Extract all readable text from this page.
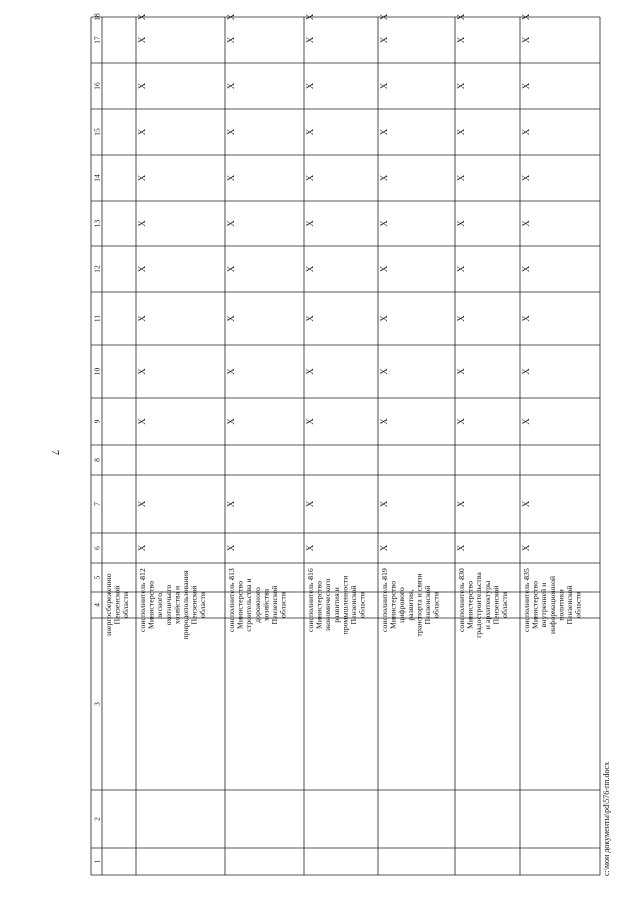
7
1
2
3
4
5
6
7
8
9
10
11
12
13
14
15
16
17
18
энергосбережению Пензенской области соисполнитель - Министерство лесного, охотничьего хозяйства и природопользования Пензенской области
812
X
X
X
X
X
X
X
X
X
X
X
X
соисполнитель - Министерство строительства и дорожного хозяйства Пензенской области
813
X
X
X
X
X
X
X
X
X
X
X
X
соисполнитель - Министерство экономического развития и промышленности Пензенской области
816
X
X
X
X
X
X
X
X
X
X
X
X
соисполнитель - Министерство цифрового развития, транспорта и связи Пензенской области
819
X
X
X
X
X
X
X
X
X
X
X
X
соисполнитель - Министерство градостроительства и архитектуры Пензенской области
830
X
X
X
X
X
X
X
X
X
X
X
X
соисполнитель - Министерство внутренней и информационной политики Пензенской области
835
X
X
X
X
X
X
X
X
X
X
X
X
c:\мои документы\pd\576-пп.docx
